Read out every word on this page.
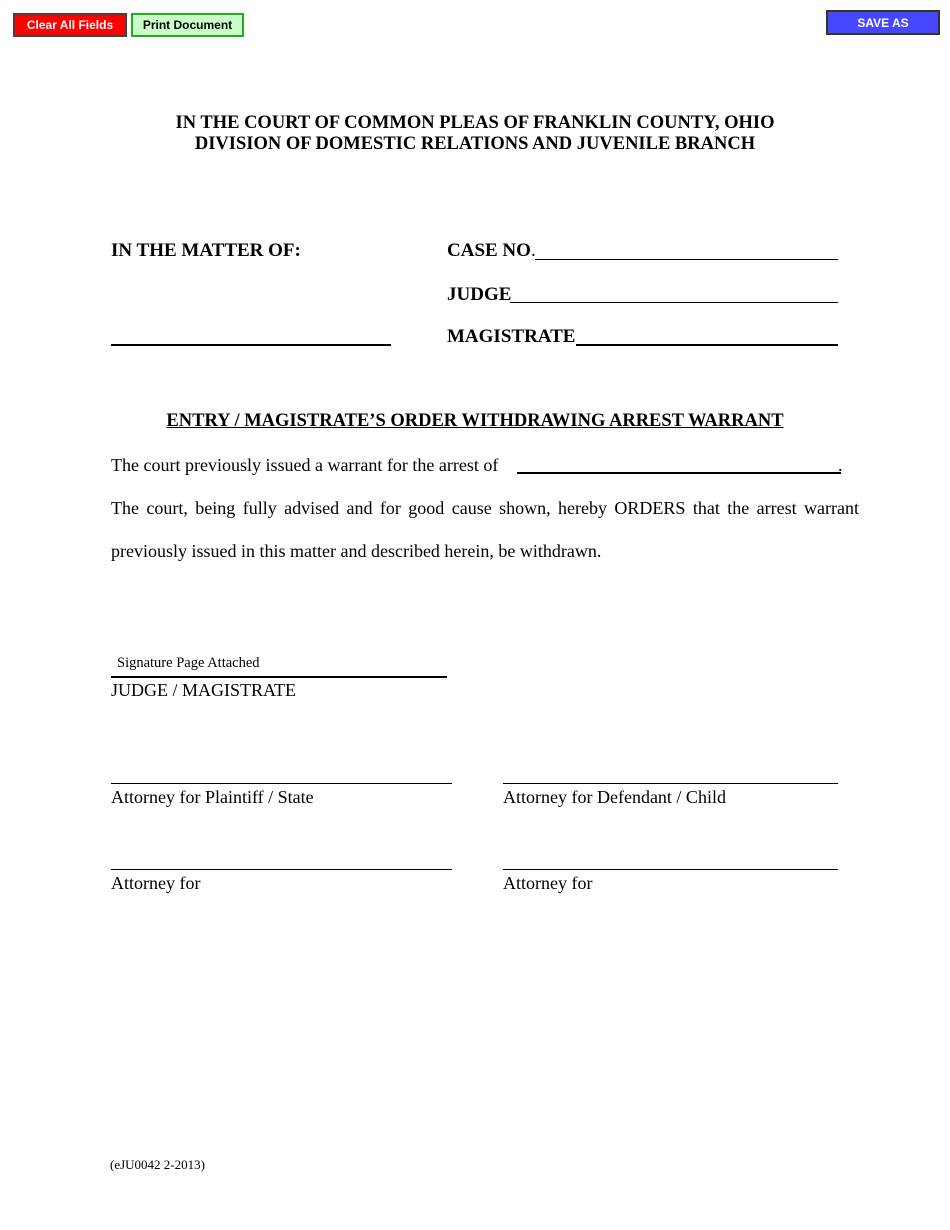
Clear All Fields	Print Document	SAVE AS
IN THE COURT OF COMMON PLEAS OF FRANKLIN COUNTY, OHIO
DIVISION OF DOMESTIC RELATIONS AND JUVENILE BRANCH
IN THE MATTER OF:	CASE NO.
JUDGE
MAGISTRATE
ENTRY / MAGISTRATE’S ORDER WITHDRAWING ARREST WARRANT
The court previously issued a warrant for the arrest of	.
The court, being fully advised and for good cause shown, hereby ORDERS that the arrest warrant
previously issued in this matter and described herein, be withdrawn.
Signature Page Attached
JUDGE / MAGISTRATE
Attorney for Plaintiff / State	Attorney for Defendant / Child
Attorney for	Attorney for
(eJU0042 2-2013)
